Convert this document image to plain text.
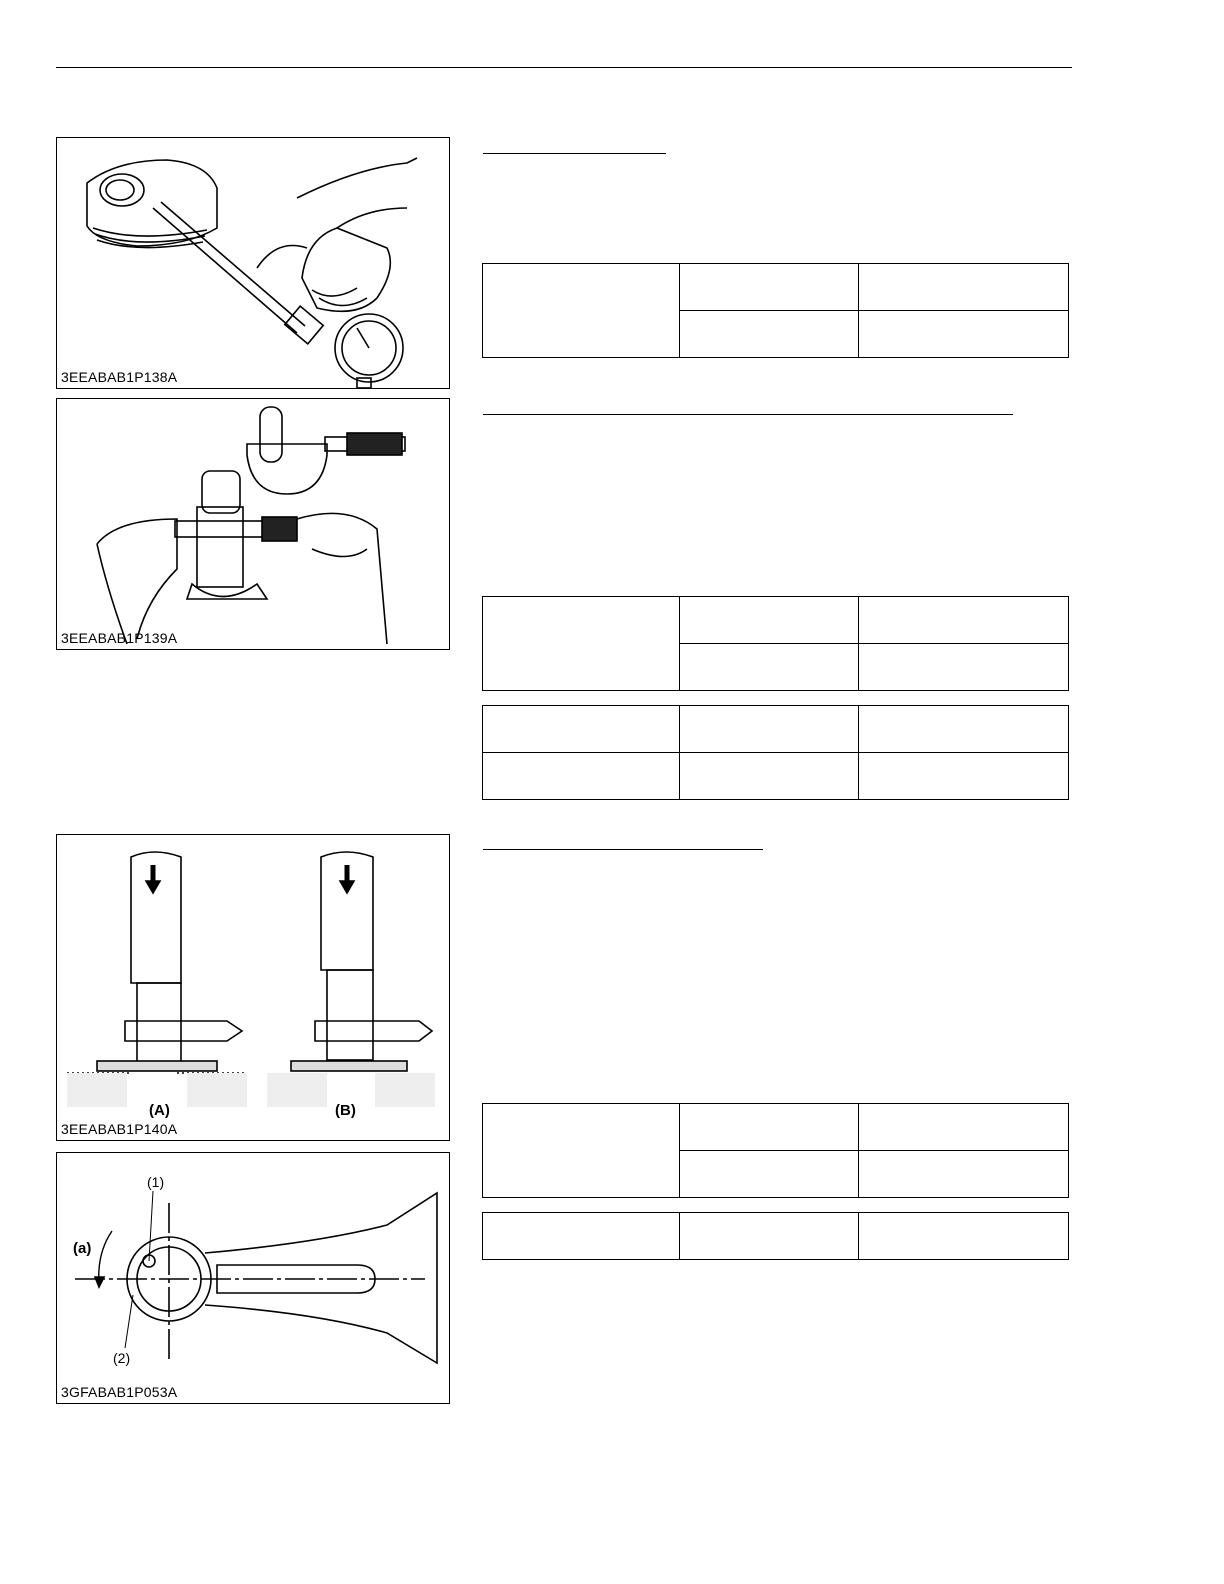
3EEABAB1P138A
3EEABAB1P139A
(A)	(B)
3EEABAB1P140A
(1)
(2)
(a)
3GFABAB1P053A
